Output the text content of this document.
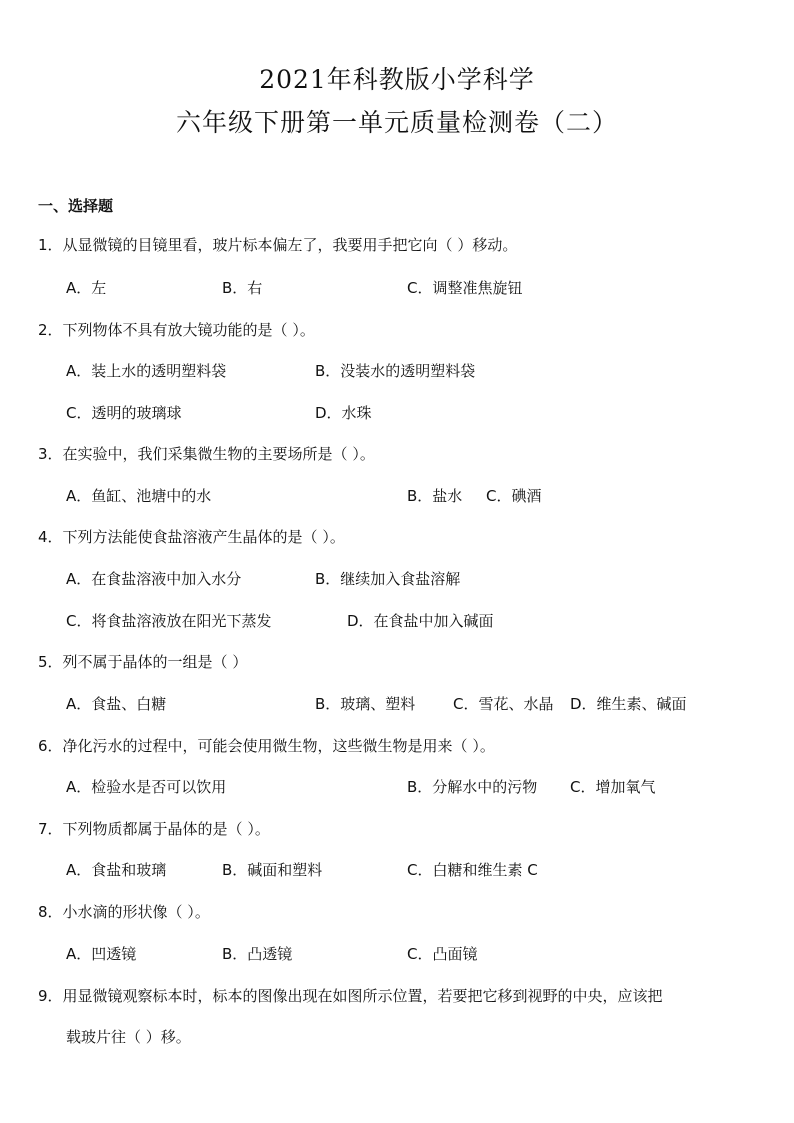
2021年科教版小学科学
六年级下册第一单元质量检测卷（二）
一、选择题
1．从显微镜的目镜里看，玻片标本偏左了，我要用手把它向（ ）移动。
A．左	B．右	C．调整准焦旋钮
2．下列物体不具有放大镜功能的是（ ）。
A．装上水的透明塑料袋	B．没装水的透明塑料袋
C．透明的玻璃球	D．水珠
3．在实验中，我们采集微生物的主要场所是（ ）。
A．鱼缸、池塘中的水	B．盐水 C．碘酒
4．下列方法能使食盐溶液产生晶体的是（ ）。
A．在食盐溶液中加入水分	B．继续加入食盐溶解
C．将食盐溶液放在阳光下蒸发	D．在食盐中加入碱面
5．列不属于晶体的一组是（ ）
A．食盐、白糖	B．玻璃、塑料	C．雪花、水晶 D．维生素、碱面
6．净化污水的过程中，可能会使用微生物，这些微生物是用来（ ）。
A．检验水是否可以饮用	B．分解水中的污物 C．增加氧气
7．下列物质都属于晶体的是（ ）。
A．食盐和玻璃	B．碱面和塑料	C．白糖和维生素 C
8．小水滴的形状像（ ）。
A．凹透镜	B．凸透镜	C．凸面镜
9．用显微镜观察标本时，标本的图像出现在如图所示位置，若要把它移到视野的中央，应该把
载玻片往（ ）移。
